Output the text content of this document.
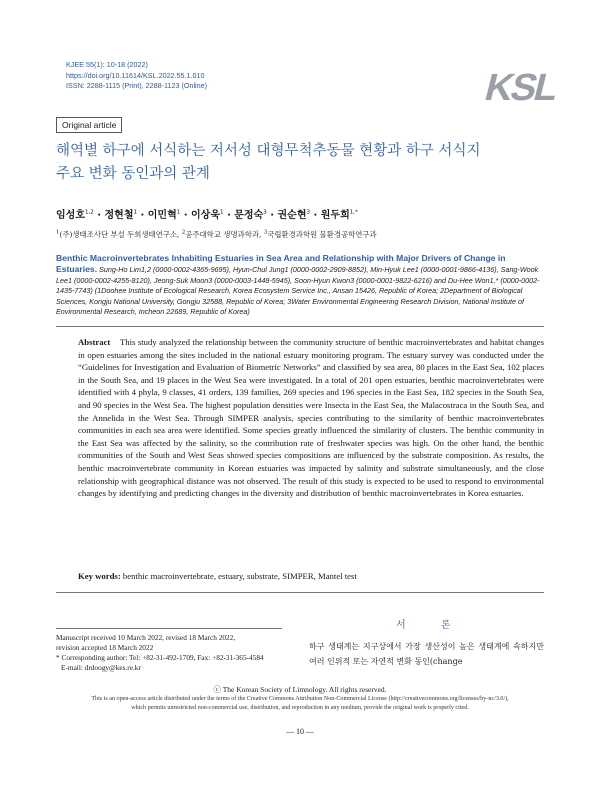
KJEE 55(1): 10-18 (2022)
https://doi.org/10.11614/KSL.2022.55.1.010
ISSN: 2288-1115 (Print), 2288-1123 (Online)	KSL
Original article
해역별 하구에 서식하는 저서성 대형무척추동물 현황과 하구 서식지
주요 변화 동인과의 관계
임성호$^{1,2}$ · 정현철$^1$ · 이민혁$^1$ · 이상욱$^1$ · 문정숙$^3$ · 권순현$^3$ · 원두희$^{1,*}$
$^1$(주)생태조사단 부설 두희생태연구소, $^2$공주대학교 생명과학과, $^3$국립환경과학원 물환경공학연구과
Benthic Macroinvertebrates Inhabiting Estuaries in Sea Area and Relationship with Major Drivers of Change in Estuaries. Sung-Ho Lim1,2 (0000-0002-4365-9695), Hyun-Chul Jung1 (0000-0002-2909-8852), Min-Hyuk Lee1 (0000-0001-9866-4136), Sang-Wook Lee1 (0000-0002-4255-8120), Jeong-Suk Moon3 (0000-0003-1448-5945), Soon-Hyun Kwon3 (0000-0001-9822-6216) and Du-Hee Won1,* (0000-0002-1435-7743) (1Doohee Institute of Ecological Research, Korea Ecosystem Service Inc., Ansan 15426, Republic of Korea; 2Department of Biological Sciences, Kongju National University, Gongju 32588, Republic of Korea; 3Water Environmental Engineering Research Division, National Institute of Environmental Research, Incheon 22689, Republic of Korea)
Abstract This study analyzed the relationship between the community structure of benthic macroinvertebrates and habitat changes in open estuaries among the sites included in the national estuary monitoring program. The estuary survey was conducted under the “Guidelines for Investigation and Evaluation of Biometric Networks” and classified by sea area, 80 places in the East Sea, 102 places in the South Sea, and 19 places in the West Sea were investigated. In a total of 201 open estuaries, benthic macroinvertebrates were identified with 4 phyla, 9 classes, 41 orders, 139 families, 269 species and 196 species in the East Sea, 182 species in the South Sea, and 90 species in the West Sea. The highest population densities were Insecta in the East Sea, the Malacostraca in the South Sea, and the Annelida in the West Sea. Through SIMPER analysis, species contributing to the similarity of benthic macroinvertebrates communities in each sea area were identified. Some species greatly influenced the similarity of clusters. The benthic community in the East Sea was affected by the salinity, so the contribution rate of freshwater species was high. On the other hand, the benthic communities of the South and West Seas showed species compositions are influenced by the substrate composition. As results, the benthic macroinvertebrate community in Korean estuaries was impacted by salinity and substrate simultaneously, and the close relationship with geographical distance was not observed. The result of this study is expected to be used to respond to environmental changes by identifying and predicting changes in the diversity and distribution of benthic macroinvertebrates in Korea estuaries.
Key words: benthic macroinvertebrate, estuary, substrate, SIMPER, Mantel test
서 론
하구 생태계는 지구상에서 가장 생산성이 높은 생태계에 속하지만 여러 인위적 또는 자연적 변화 동인(change
Manuscript received 10 March 2022, revised 18 March 2022,
revision accepted 18 March 2022
* Corresponding author: Tel: +82-31-492-1709, Fax: +82-31-365-4584
E-mail: drdoogy@kes.re.kr
ⓒ The Korean Society of Limnology. All rights reserved.
This is an open-access article distributed under the terms of the Creative Commons Attribution Non-Commercial License (http://creativecommons.org/licenses/by-nc/3.0/),
which permits unrestricted non-commercial use, distribution, and reproduction in any medium, provide the original work is properly cited.
— 10 —
